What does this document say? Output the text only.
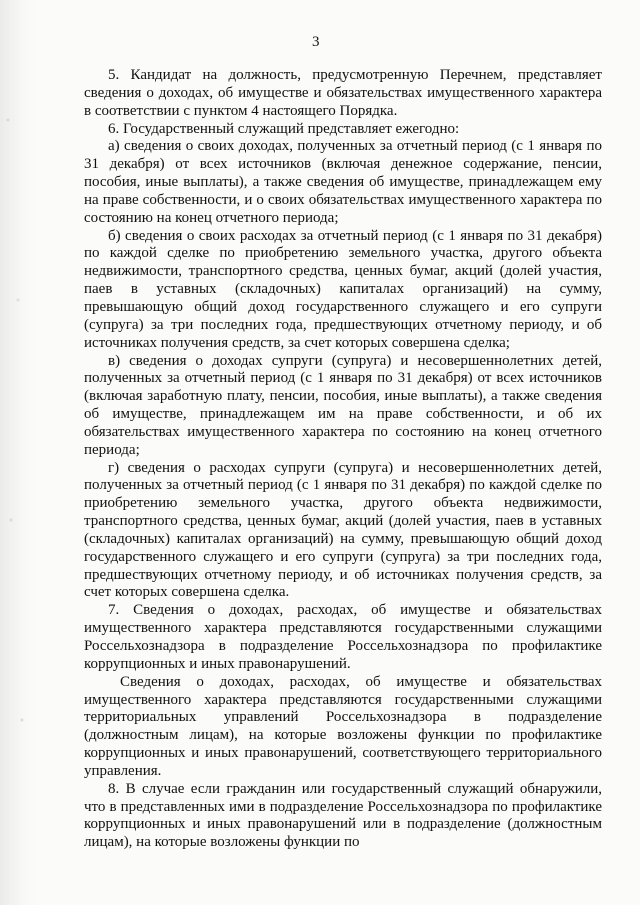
3

5. Кандидат на должность, предусмотренную Перечнем, представляет сведения о доходах, об имуществе и обязательствах имущественного характера в соответствии с пунктом 4 настоящего Порядка.

6. Государственный служащий представляет ежегодно:

а) сведения о своих доходах, полученных за отчетный период (с 1 января по 31 декабря) от всех источников (включая денежное содержание, пенсии, пособия, иные выплаты), а также сведения об имуществе, принадлежащем ему на праве собственности, и о своих обязательствах имущественного характера по состоянию на конец отчетного периода;

б) сведения о своих расходах за отчетный период (с 1 января по 31 декабря) по каждой сделке по приобретению земельного участка, другого объекта недвижимости, транспортного средства, ценных бумаг, акций (долей участия, паев в уставных (складочных) капиталах организаций) на сумму, превышающую общий доход государственного служащего и его супруги (супруга) за три последних года, предшествующих отчетному периоду, и об источниках получения средств, за счет которых совершена сделка;

в) сведения о доходах супруги (супруга) и несовершеннолетних детей, полученных за отчетный период (с 1 января по 31 декабря) от всех источников (включая заработную плату, пенсии, пособия, иные выплаты), а также сведения об имуществе, принадлежащем им на праве собственности, и об их обязательствах имущественного характера по состоянию на конец отчетного периода;

г) сведения о расходах супруги (супруга) и несовершеннолетних детей, полученных за отчетный период (с 1 января по 31 декабря) по каждой сделке по приобретению земельного участка, другого объекта недвижимости, транспортного средства, ценных бумаг, акций (долей участия, паев в уставных (складочных) капиталах организаций) на сумму, превышающую общий доход государственного служащего и его супруги (супруга) за три последних года, предшествующих отчетному периоду, и об источниках получения средств, за счет которых совершена сделка.

7. Сведения о доходах, расходах, об имуществе и обязательствах имущественного характера представляются государственными служащими Россельхознадзора в подразделение Россельхознадзора по профилактике коррупционных и иных правонарушений.

Сведения о доходах, расходах, об имуществе и обязательствах имущественного характера представляются государственными служащими территориальных управлений Россельхознадзора в подразделение (должностным лицам), на которые возложены функции по профилактике коррупционных и иных правонарушений, соответствующего территориального управления.

8. В случае если гражданин или государственный служащий обнаружили, что в представленных ими в подразделение Россельхознадзора по профилактике коррупционных и иных правонарушений или в подразделение (должностным лицам), на которые возложены функции по
